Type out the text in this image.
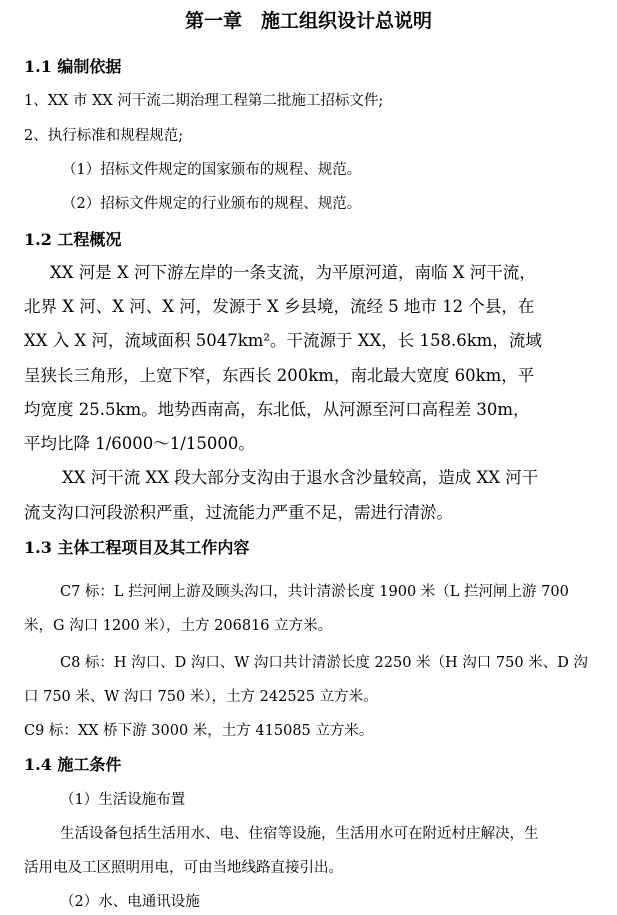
第一章　施工组织设计总说明
1.1 编制依据
1、XX 市 XX 河干流二期治理工程第二批施工招标文件;
2、执行标准和规程规范;
（1）招标文件规定的国家颁布的规程、规范。
（2）招标文件规定的行业颁布的规程、规范。
1.2 工程概况
XX 河是 X 河下游左岸的一条支流，为平原河道，南临 X 河干流，
北界 X 河、X 河、X 河，发源于 X 乡县境，流经 5 地市 12 个县，在
XX 入 X 河，流域面积 5047km²。干流源于 XX，长 158.6km，流域
呈狭长三角形，上宽下窄，东西长 200km，南北最大宽度 60km，平
均宽度 25.5km。地势西南高，东北低，从河源至河口高程差 30m，
平均比降 1/6000～1/15000。
XX 河干流 XX 段大部分支沟由于退水含沙量较高，造成 XX 河干
流支沟口河段淤积严重，过流能力严重不足，需进行清淤。
1.3 主体工程项目及其工作内容
C7 标：L 拦河闸上游及顾头沟口，共计清淤长度 1900 米（L 拦河闸上游 700
米，G 沟口 1200 米），土方 206816 立方米。
C8 标：H 沟口、D 沟口、W 沟口共计清淤长度 2250 米（H 沟口 750 米、D 沟
口 750 米、W 沟口 750 米），土方 242525 立方米。
C9 标：XX 桥下游 3000 米，土方 415085 立方米。
1.4 施工条件
（1）生活设施布置
生活设备包括生活用水、电、住宿等设施，生活用水可在附近村庄解决，生
活用电及工区照明用电，可由当地线路直接引出。
（2）水、电通讯设施
